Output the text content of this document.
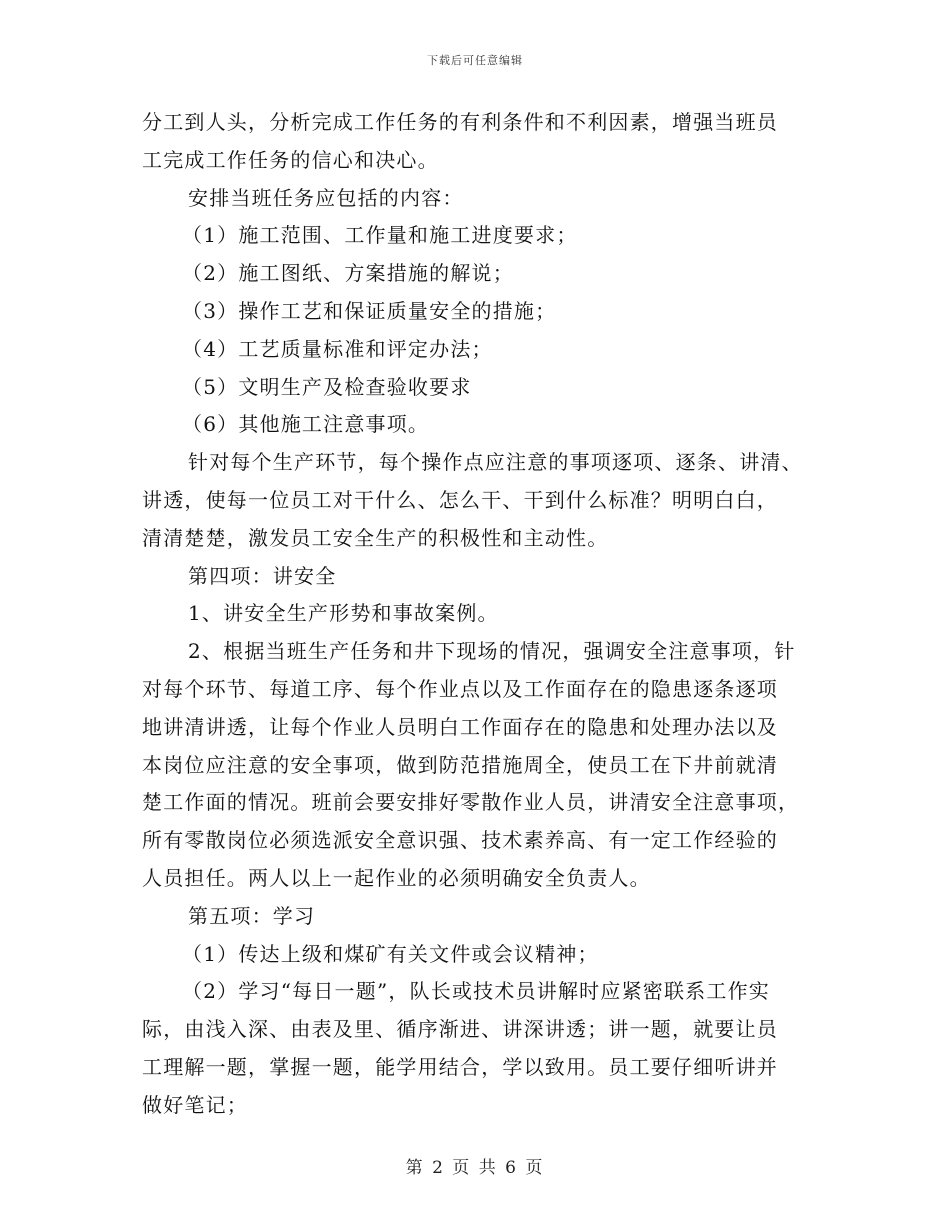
下载后可任意编辑
分工到人头，分析完成工作任务的有利条件和不利因素，增强当班员
工完成工作任务的信心和决心。
安排当班任务应包括的内容：
（1）施工范围、工作量和施工进度要求；
（2）施工图纸、方案措施的解说；
（3）操作工艺和保证质量安全的措施；
（4）工艺质量标准和评定办法；
（5）文明生产及检查验收要求
（6）其他施工注意事项。
针对每个生产环节，每个操作点应注意的事项逐项、逐条、讲清、
讲透，使每一位员工对干什么、怎么干、干到什么标准？明明白白，
清清楚楚，激发员工安全生产的积极性和主动性。
第四项：讲安全
1、讲安全生产形势和事故案例。
2、根据当班生产任务和井下现场的情况，强调安全注意事项，针
对每个环节、每道工序、每个作业点以及工作面存在的隐患逐条逐项
地讲清讲透，让每个作业人员明白工作面存在的隐患和处理办法以及
本岗位应注意的安全事项，做到防范措施周全，使员工在下井前就清
楚工作面的情况。班前会要安排好零散作业人员，讲清安全注意事项，
所有零散岗位必须选派安全意识强、技术素养高、有一定工作经验的
人员担任。两人以上一起作业的必须明确安全负责人。
第五项：学习
（1）传达上级和煤矿有关文件或会议精神；
（2）学习“每日一题”，队长或技术员讲解时应紧密联系工作实
际，由浅入深、由表及里、循序渐进、讲深讲透；讲一题，就要让员
工理解一题，掌握一题，能学用结合，学以致用。员工要仔细听讲并
做好笔记；
第 2 页 共 6 页
